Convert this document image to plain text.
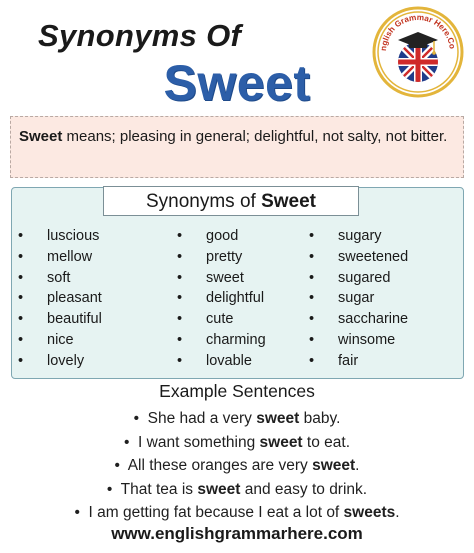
Synonyms Of
Sweet
nglish Grammar Here.Co
Sweet means; pleasing in general; delightful, not salty, not bitter.
Synonyms of Sweet
• luscious
• mellow
• soft
• pleasant
• beautiful
• nice
• lovely
• good
• pretty
• sweet
• delightful
• cute
• charming
• lovable
• sugary
• sweetened
• sugared
• sugar
• saccharine
• winsome
• fair
Example Sentences
• She had a very sweet baby.
• I want something sweet to eat.
• All these oranges are very sweet.
• That tea is sweet and easy to drink.
• I am getting fat because I eat a lot of sweets.
www.englishgrammarhere.com
